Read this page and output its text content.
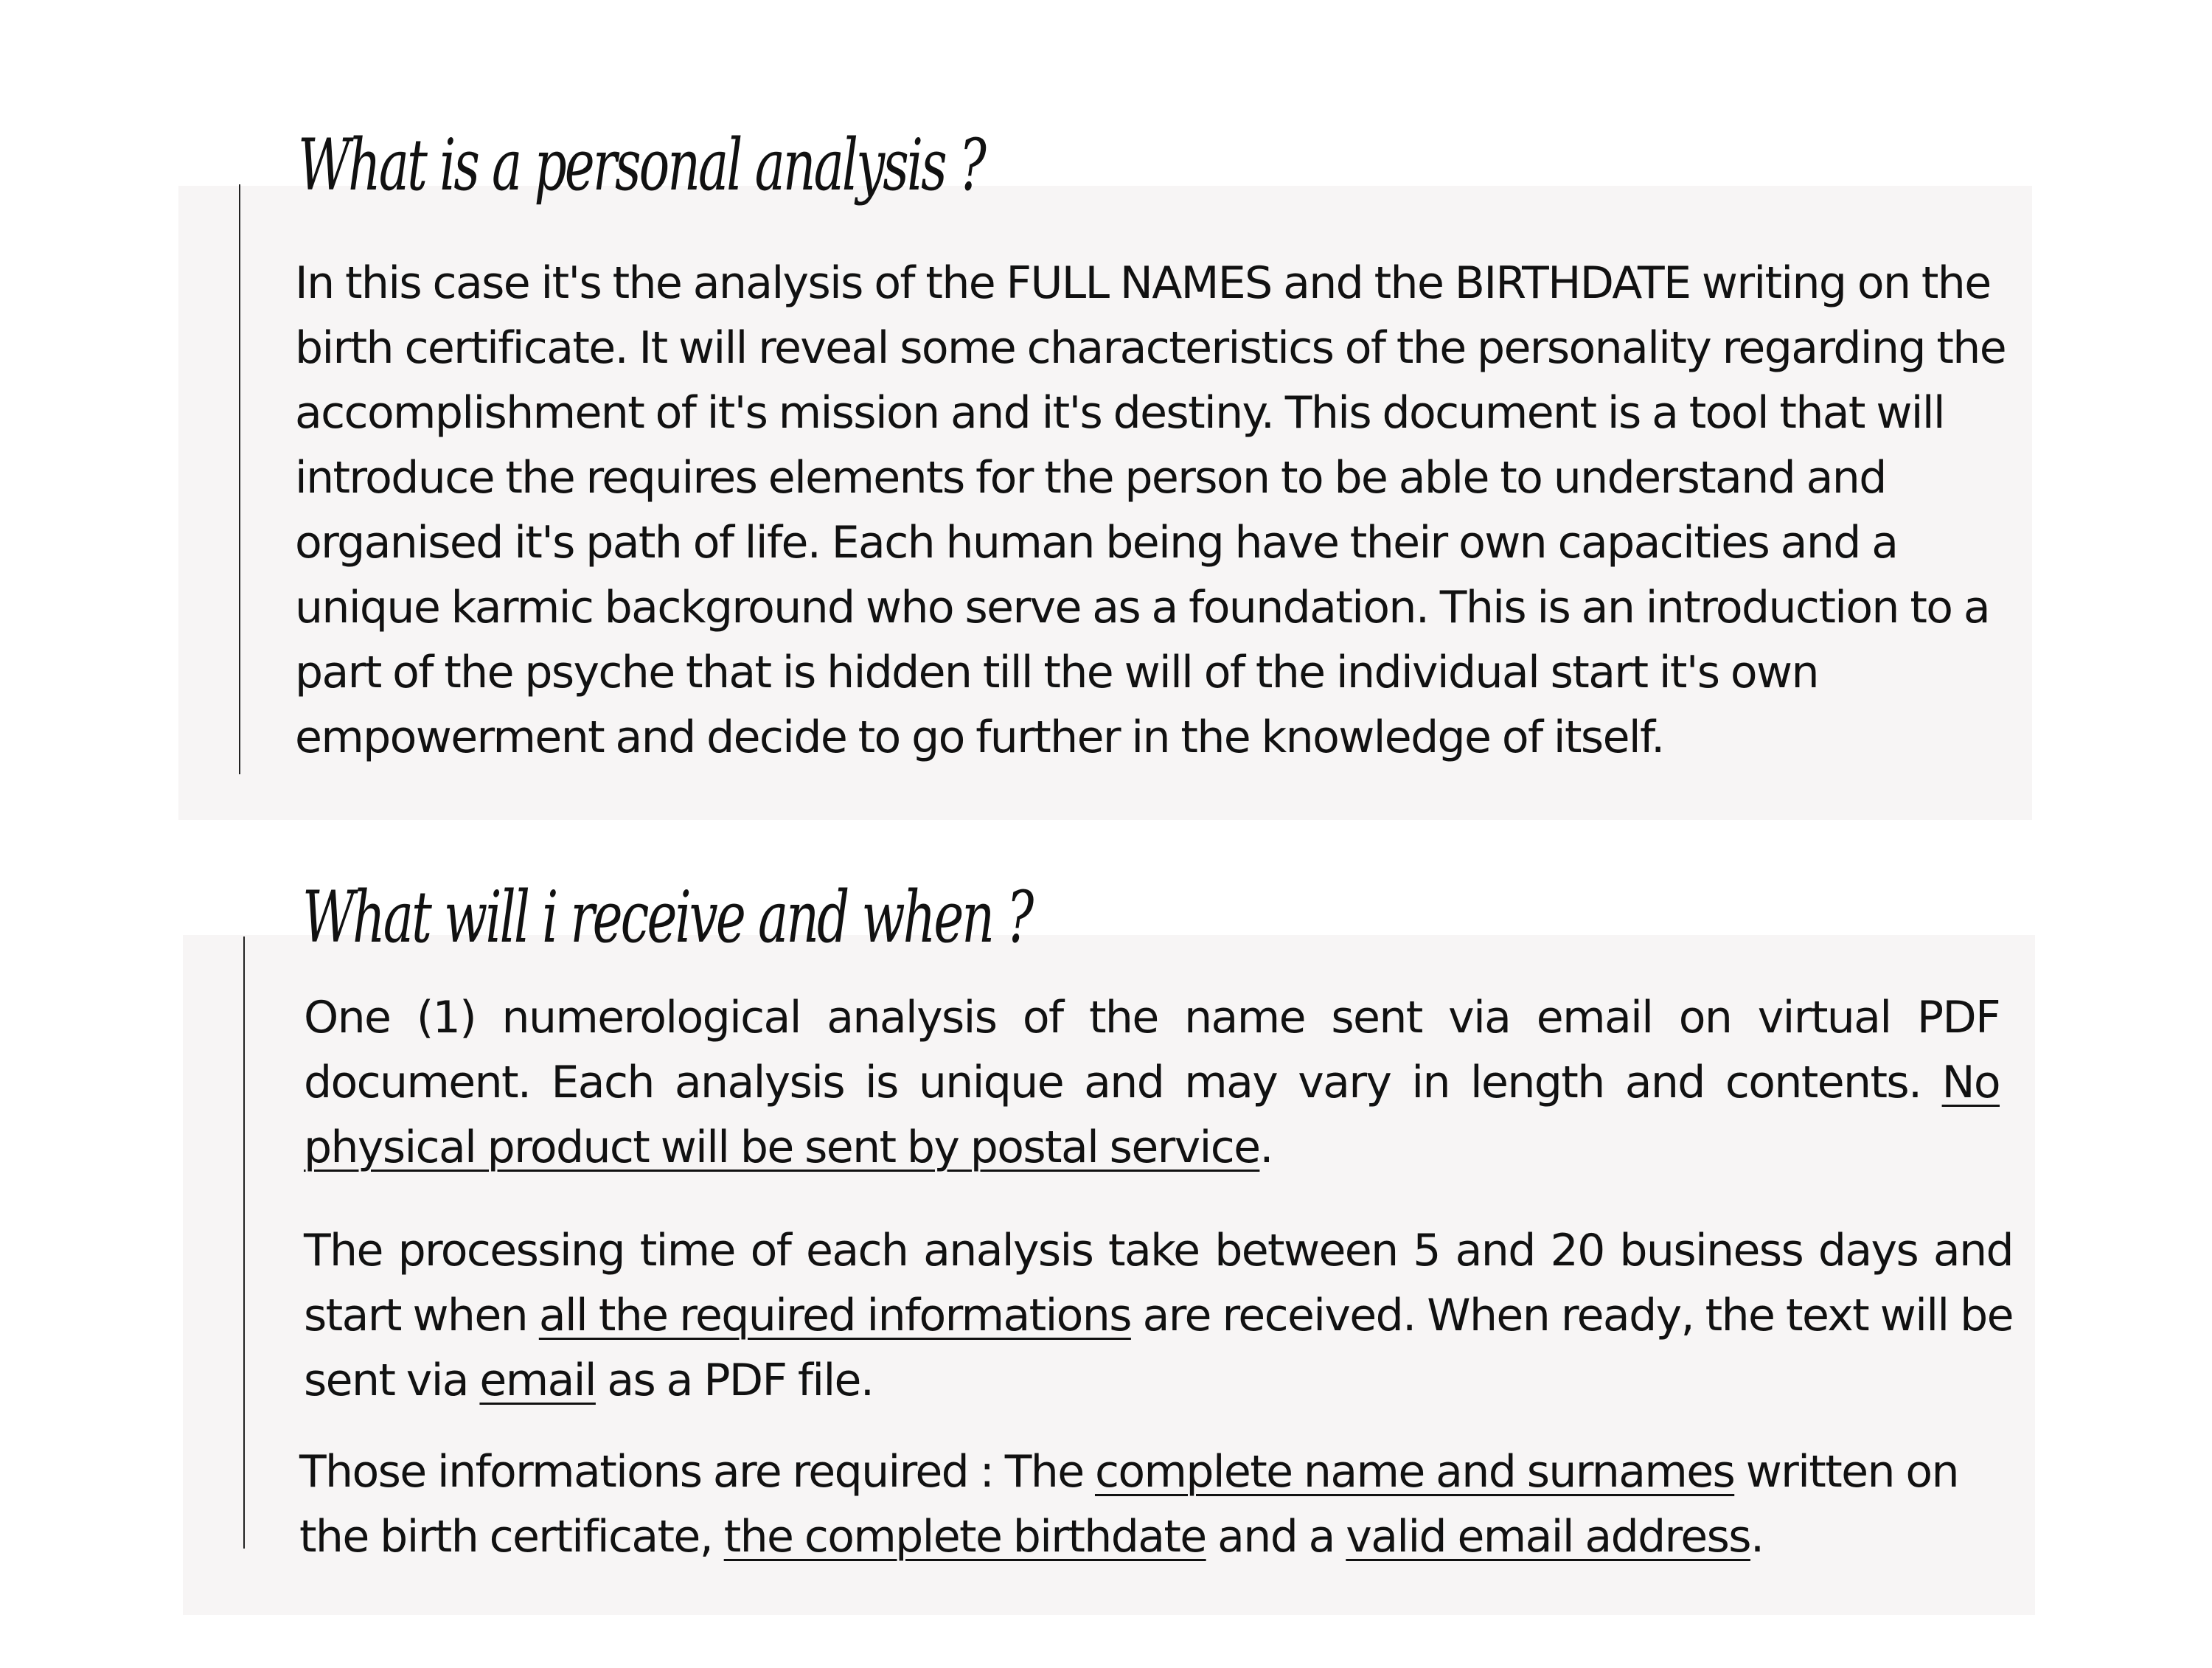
What is a personal analysis ?

In this case it's the analysis of the FULL NAMES and the BIRTHDATE writing on the birth certificate. It will reveal some characteristics of the personality regarding the accomplishment of it's mission and it's destiny. This document is a tool that will introduce the requires elements for the person to be able to understand and organised it's path of life. Each human being have their own capacities and a unique karmic background who serve as a foundation. This is an introduction to a part of the psyche that is hidden till the will of the individual start it's own empowerment and decide to go further in the knowledge of itself.

What will i receive and when ?

One (1) numerological analysis of the name sent via email on virtual PDF document. Each analysis is unique and may vary in length and contents. No physical product will be sent by postal service.

The processing time of each analysis take between 5 and 20 business days and start when all the required informations are received. When ready, the text will be sent via email as a PDF file.

Those informations are required : The complete name and surnames written on the birth certificate, the complete birthdate and a valid email address.
